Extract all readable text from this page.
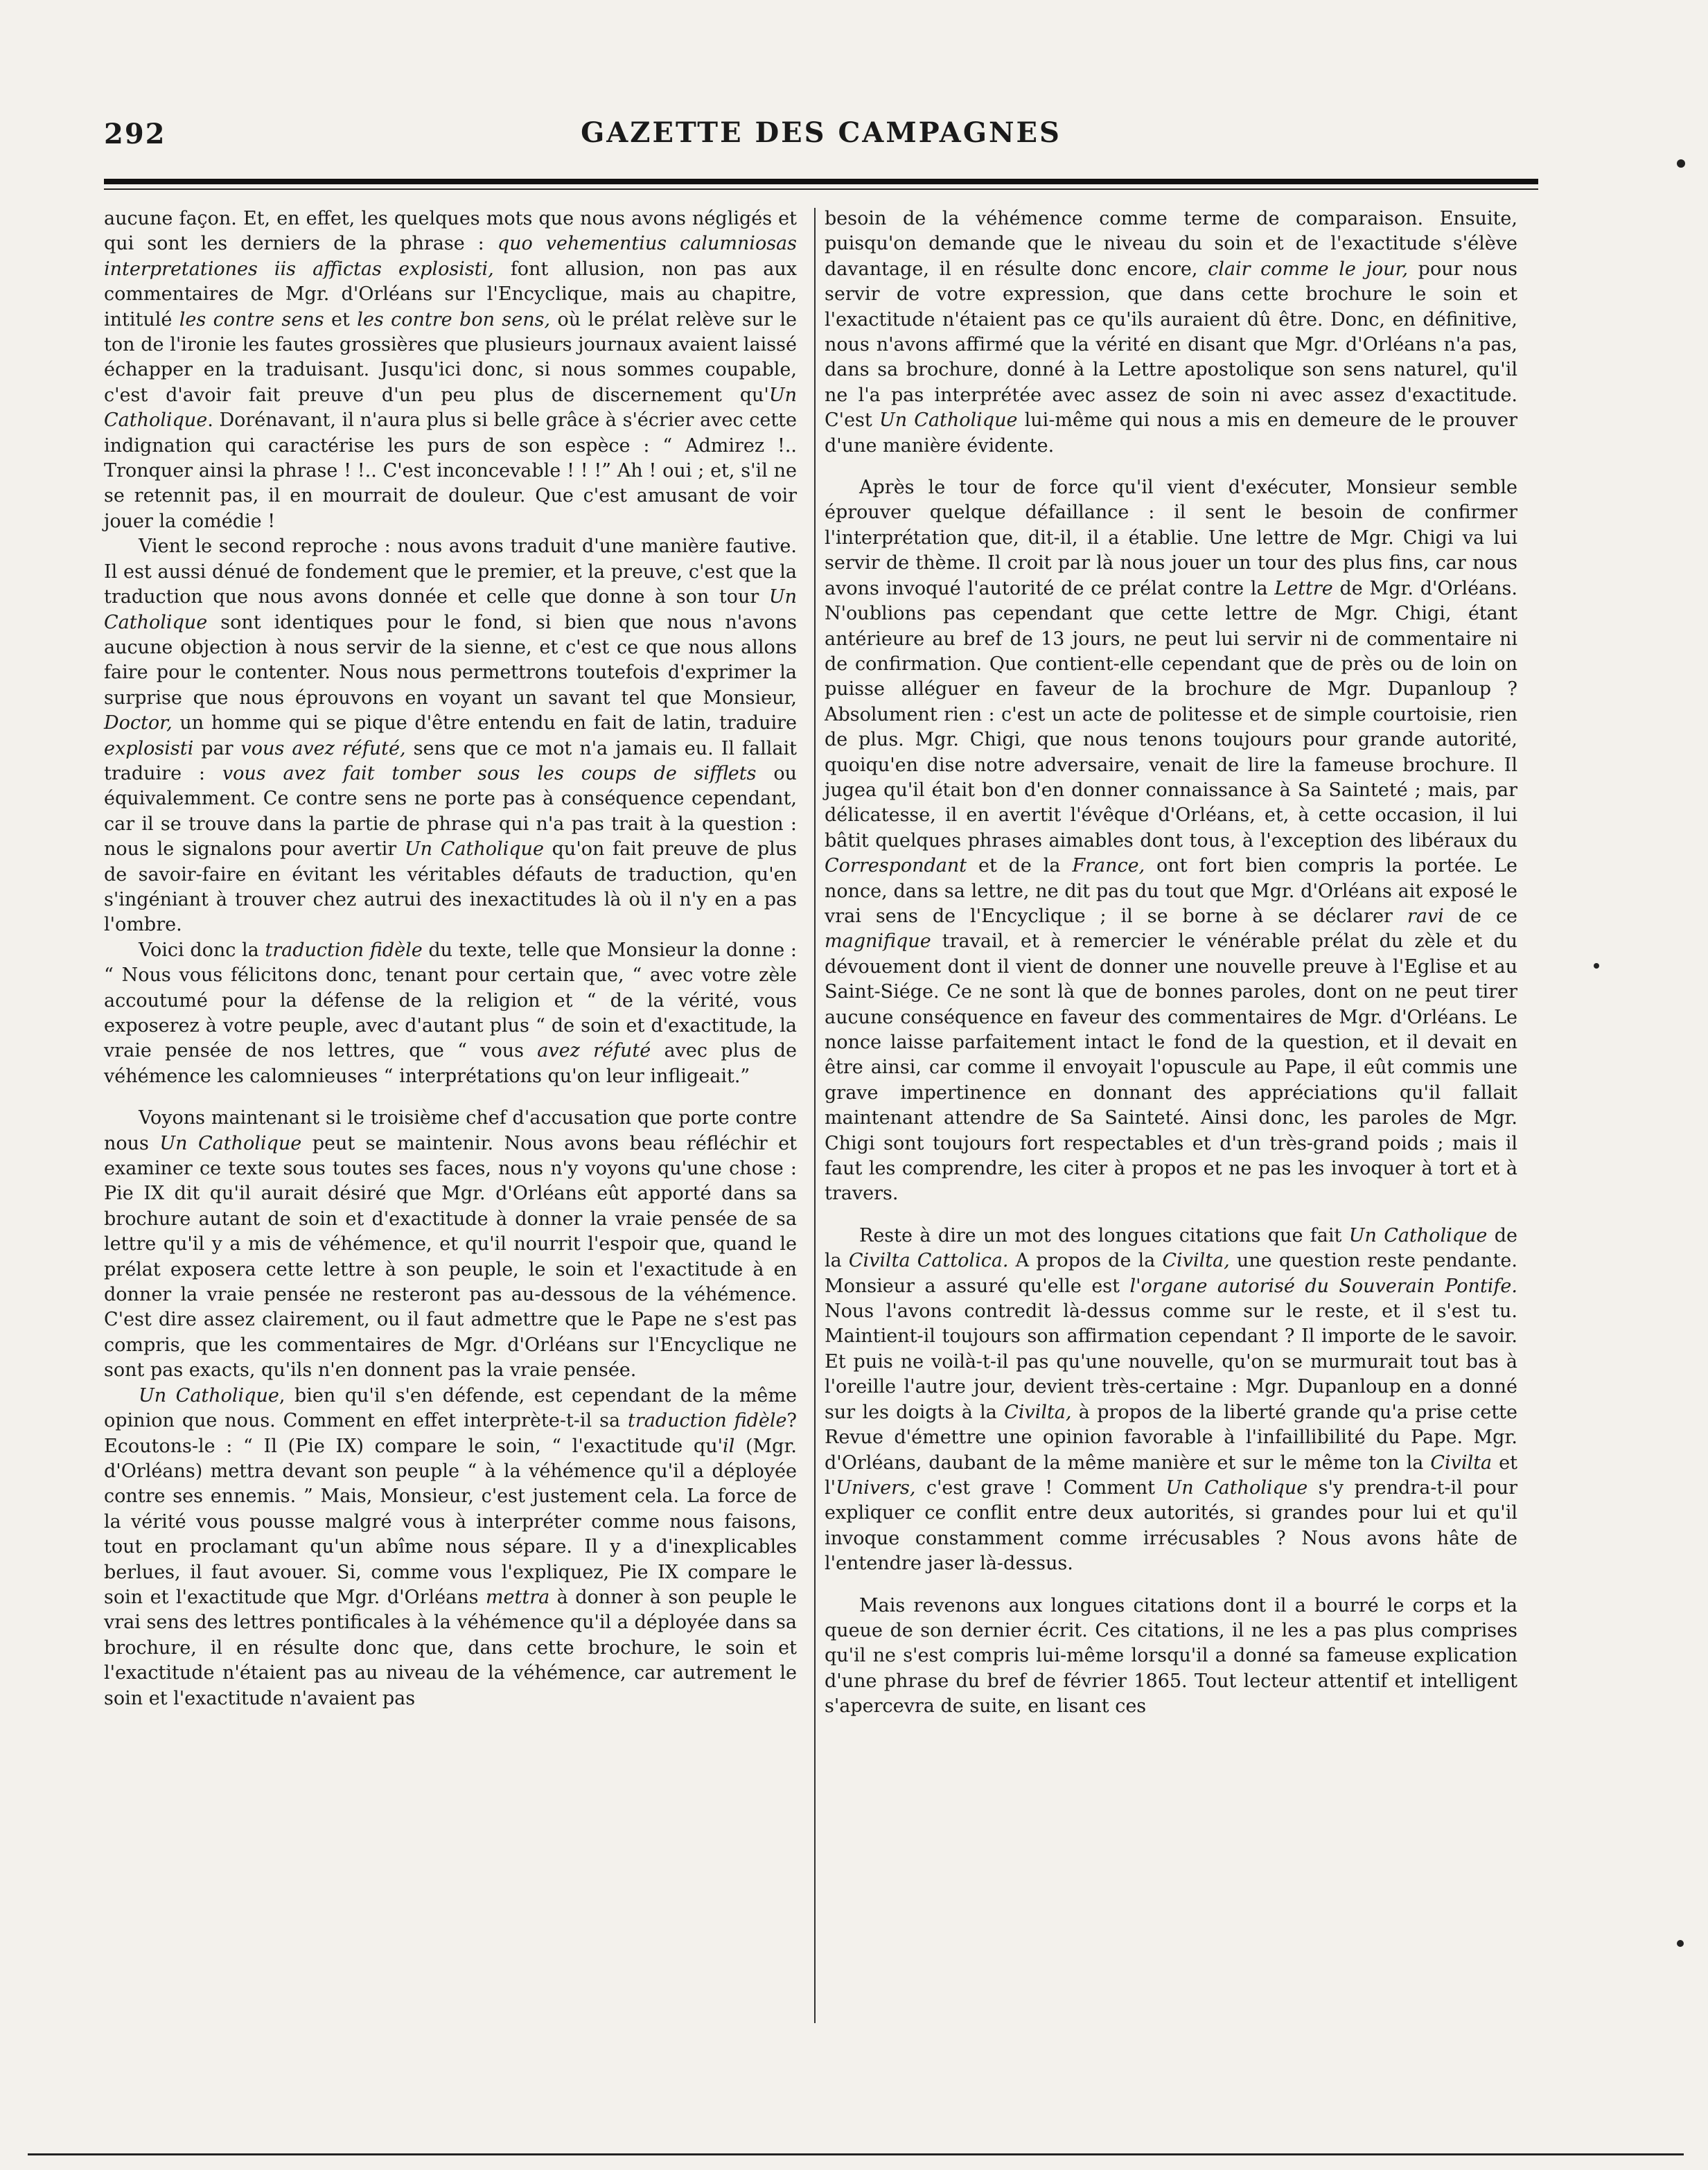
292	GAZETTE DES CAMPAGNES

aucune façon. Et, en effet, les quelques mots que nous avons négligés et qui sont les derniers de la phrase : quo vehementius calumniosas interpretationes iis affictas explosisti, font allusion, non pas aux commentaires de Mgr. d'Orléans sur l'Encyclique, mais au chapitre, intitulé les contre sens et les contre bon sens, où le prélat relève sur le ton de l'ironie les fautes grossières que plusieurs journaux avaient laissé échapper en la traduisant. Jusqu'ici donc, si nous sommes coupable, c'est d'avoir fait preuve d'un peu plus de discernement qu'Un Catholique. Dorénavant, il n'aura plus si belle grâce à s'écrier avec cette indignation qui caractérise les purs de son espèce : “ Admirez !.. Tronquer ainsi la phrase ! !.. C'est inconcevable ! ! !” Ah ! oui ; et, s'il ne se retennit pas, il en mourrait de douleur. Que c'est amusant de voir jouer la comédie !

Vient le second reproche : nous avons traduit d'une manière fautive. Il est aussi dénué de fondement que le premier, et la preuve, c'est que la traduction que nous avons donnée et celle que donne à son tour Un Catholique sont identiques pour le fond, si bien que nous n'avons aucune objection à nous servir de la sienne, et c'est ce que nous allons faire pour le contenter. Nous nous permettrons toutefois d'exprimer la surprise que nous éprouvons en voyant un savant tel que Monsieur, Doctor, un homme qui se pique d'être entendu en fait de latin, traduire explosisti par vous avez réfuté, sens que ce mot n'a jamais eu. Il fallait traduire : vous avez fait tomber sous les coups de sifflets ou équivalemment. Ce contre sens ne porte pas à conséquence cependant, car il se trouve dans la partie de phrase qui n'a pas trait à la question : nous le signalons pour avertir Un Catholique qu'on fait preuve de plus de savoir-faire en évitant les véritables défauts de traduction, qu'en s'ingéniant à trouver chez autrui des inexactitudes là où il n'y en a pas l'ombre.

Voici donc la traduction fidèle du texte, telle que Monsieur la donne : “ Nous vous félicitons donc, tenant pour certain que, “ avec votre zèle accoutumé pour la défense de la religion et “ de la vérité, vous exposerez à votre peuple, avec d'autant plus “ de soin et d'exactitude, la vraie pensée de nos lettres, que “ vous avez réfuté avec plus de véhémence les calomnieuses “ interprétations qu'on leur infligeait.”

Voyons maintenant si le troisième chef d'accusation que porte contre nous Un Catholique peut se maintenir. Nous avons beau réfléchir et examiner ce texte sous toutes ses faces, nous n'y voyons qu'une chose : Pie IX dit qu'il aurait désiré que Mgr. d'Orléans eût apporté dans sa brochure autant de soin et d'exactitude à donner la vraie pensée de sa lettre qu'il y a mis de véhémence, et qu'il nourrit l'espoir que, quand le prélat exposera cette lettre à son peuple, le soin et l'exactitude à en donner la vraie pensée ne resteront pas au-dessous de la véhémence. C'est dire assez clairement, ou il faut admettre que le Pape ne s'est pas compris, que les commentaires de Mgr. d'Orléans sur l'Encyclique ne sont pas exacts, qu'ils n'en donnent pas la vraie pensée.

Un Catholique, bien qu'il s'en défende, est cependant de la même opinion que nous. Comment en effet interprète-t-il sa traduction fidèle? Ecoutons-le : “ Il (Pie IX) compare le soin, “ l'exactitude qu'il (Mgr. d'Orléans) mettra devant son peuple “ à la véhémence qu'il a déployée contre ses ennemis. ” Mais, Monsieur, c'est justement cela. La force de la vérité vous pousse malgré vous à interpréter comme nous faisons, tout en proclamant qu'un abîme nous sépare. Il y a d'inexplicables berlues, il faut avouer. Si, comme vous l'expliquez, Pie IX compare le soin et l'exactitude que Mgr. d'Orléans mettra à donner à son peuple le vrai sens des lettres pontificales à la véhémence qu'il a déployée dans sa brochure, il en résulte donc que, dans cette brochure, le soin et l'exactitude n'étaient pas au niveau de la véhémence, car autrement le soin et l'exactitude n'avaient pas

besoin de la véhémence comme terme de comparaison. Ensuite, puisqu'on demande que le niveau du soin et de l'exactitude s'élève davantage, il en résulte donc encore, clair comme le jour, pour nous servir de votre expression, que dans cette brochure le soin et l'exactitude n'étaient pas ce qu'ils auraient dû être. Donc, en définitive, nous n'avons affirmé que la vérité en disant que Mgr. d'Orléans n'a pas, dans sa brochure, donné à la Lettre apostolique son sens naturel, qu'il ne l'a pas interprétée avec assez de soin ni avec assez d'exactitude. C'est Un Catholique lui-même qui nous a mis en demeure de le prouver d'une manière évidente.

Après le tour de force qu'il vient d'exécuter, Monsieur semble éprouver quelque défaillance : il sent le besoin de confirmer l'interprétation que, dit-il, il a établie. Une lettre de Mgr. Chigi va lui servir de thème. Il croit par là nous jouer un tour des plus fins, car nous avons invoqué l'autorité de ce prélat contre la Lettre de Mgr. d'Orléans. N'oublions pas cependant que cette lettre de Mgr. Chigi, étant antérieure au bref de 13 jours, ne peut lui servir ni de commentaire ni de confirmation. Que contient-elle cependant que de près ou de loin on puisse alléguer en faveur de la brochure de Mgr. Dupanloup ? Absolument rien : c'est un acte de politesse et de simple courtoisie, rien de plus. Mgr. Chigi, que nous tenons toujours pour grande autorité, quoiqu'en dise notre adversaire, venait de lire la fameuse brochure. Il jugea qu'il était bon d'en donner connaissance à Sa Sainteté ; mais, par délicatesse, il en avertit l'évêque d'Orléans, et, à cette occasion, il lui bâtit quelques phrases aimables dont tous, à l'exception des libéraux du Correspondant et de la France, ont fort bien compris la portée. Le nonce, dans sa lettre, ne dit pas du tout que Mgr. d'Orléans ait exposé le vrai sens de l'Encyclique ; il se borne à se déclarer ravi de ce magnifique travail, et à remercier le vénérable prélat du zèle et du dévouement dont il vient de donner une nouvelle preuve à l'Eglise et au Saint-Siége. Ce ne sont là que de bonnes paroles, dont on ne peut tirer aucune conséquence en faveur des commentaires de Mgr. d'Orléans. Le nonce laisse parfaitement intact le fond de la question, et il devait en être ainsi, car comme il envoyait l'opuscule au Pape, il eût commis une grave impertinence en donnant des appréciations qu'il fallait maintenant attendre de Sa Sainteté. Ainsi donc, les paroles de Mgr. Chigi sont toujours fort respectables et d'un très-grand poids ; mais il faut les comprendre, les citer à propos et ne pas les invoquer à tort et à travers.

Reste à dire un mot des longues citations que fait Un Catholique de la Civilta Cattolica. A propos de la Civilta, une question reste pendante. Monsieur a assuré qu'elle est l'organe autorisé du Souverain Pontife. Nous l'avons contredit là-dessus comme sur le reste, et il s'est tu. Maintient-il toujours son affirmation cependant ? Il importe de le savoir. Et puis ne voilà-t-il pas qu'une nouvelle, qu'on se murmurait tout bas à l'oreille l'autre jour, devient très-certaine : Mgr. Dupanloup en a donné sur les doigts à la Civilta, à propos de la liberté grande qu'a prise cette Revue d'émettre une opinion favorable à l'infaillibilité du Pape. Mgr. d'Orléans, daubant de la même manière et sur le même ton la Civilta et l'Univers, c'est grave ! Comment Un Catholique s'y prendra-t-il pour expliquer ce conflit entre deux autorités, si grandes pour lui et qu'il invoque constamment comme irrécusables ? Nous avons hâte de l'entendre jaser là-dessus.

Mais revenons aux longues citations dont il a bourré le corps et la queue de son dernier écrit. Ces citations, il ne les a pas plus comprises qu'il ne s'est compris lui-même lorsqu'il a donné sa fameuse explication d'une phrase du bref de février 1865. Tout lecteur attentif et intelligent s'apercevra de suite, en lisant ces
